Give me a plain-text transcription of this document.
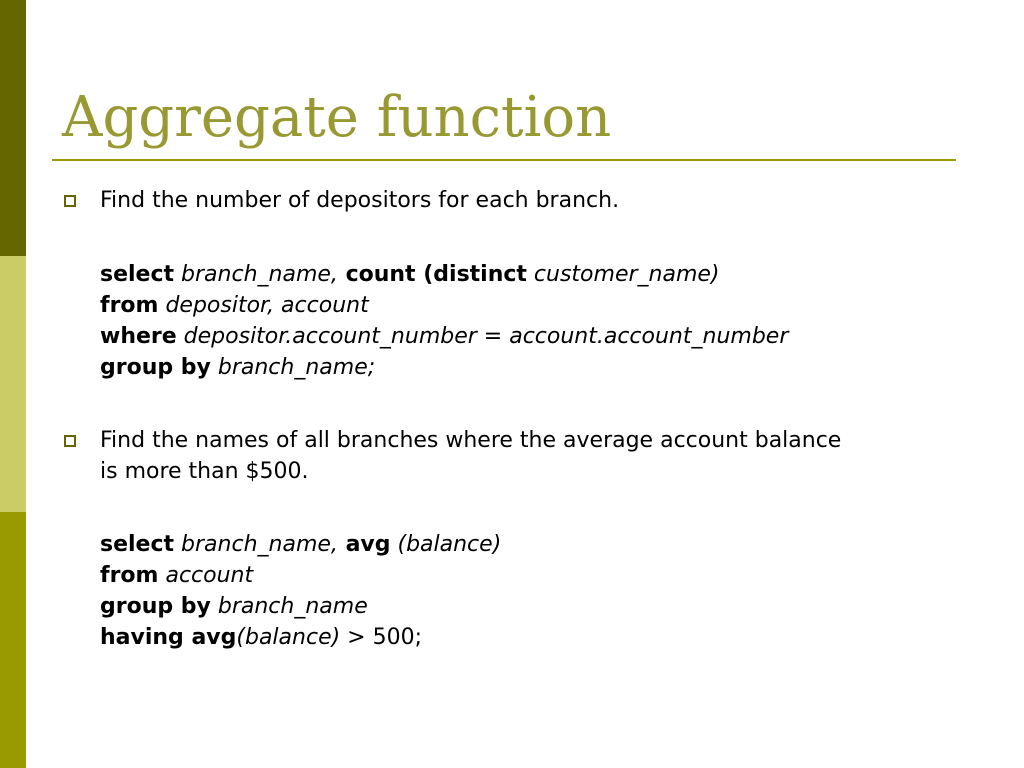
Aggregate function
Find the number of depositors for each branch.
select branch_name, count (distinct customer_name)
from depositor, account
where depositor.account_number = account.account_number
group by branch_name;
Find the names of all branches where the average account balance
is more than $500.
select branch_name, avg (balance)
from account
group by branch_name
having avg(balance) > 500;
